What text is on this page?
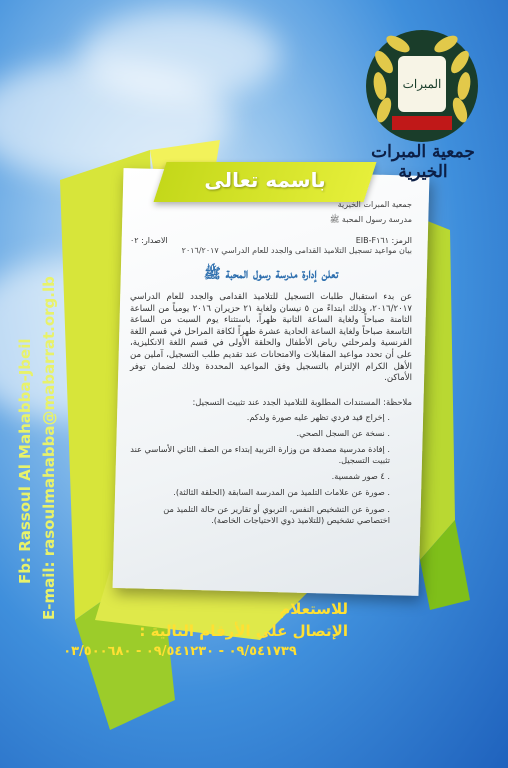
باسمه تعالى
المبرات
جمعية المبرات الخيرية
جمعية المبرات الخيرية
مدرسة رسول المحبة ﷺ
الرمز: EIB-F١٦١
الاصدار: ٠٢
بيان مواعيد تسجيل التلاميذ القدامى والجدد للعام الدراسي ٢٠١٦/٢٠١٧
تعلن إدارة مدرسة رسول المحبة ﷺ
عن بدء استقبال طلبات التسجيل للتلاميذ القدامى والجدد للعام الدراسي ٢٠١٦/٢٠١٧، وذلك ابتداءً من ٥ نيسان ولغاية ٢١ حزيران ٢٠١٦ يومياً من الساعة الثامنة صباحاً ولغاية الساعة الثانية ظهراً، باستثناء يوم السبت من الساعة التاسعة صباحاً ولغاية الساعة الحادية عشرة ظهراً لكافة المراحل في قسم اللغة الفرنسية ولمرحلتي رياض الأطفال والحلقة الأولى في قسم اللغة الانكليزية، على أن تحدد مواعيد المقابلات والامتحانات عند تقديم طلب التسجيل، آملين من الأهل الكرام الإلتزام بالتسجيل وفق المواعيد المحددة وذلك لضمان توفر الأماكن.
ملاحظة: المستندات المطلوبة للتلاميذ الجدد عند تثبيت التسجيل:
. إخراج قيد فردي تظهر عليه صورة ولدكم.
. نسخة عن السجل الصحي.
. إفادة مدرسية مصدقة من وزارة التربية إبتداء من الصف الثاني الأساسي عند تثبيت التسجيل.
. ٤ صور شمسية.
. صورة عن علامات التلميذ من المدرسة السابقة (الحلقة الثالثة).
. صورة عن التشخيص النفس، التربوي أو تقارير عن حالة التلميذ من اختصاصي تشخيص (للتلاميذ ذوي الاحتياجات الخاصة).
Fb: Rassoul Al Mahabba-Jbeil E-mail: rasoulmahabba@mabarrat.org.lb	للاستعلام
الإتصال على الأرقام التالية :
٠٩/٥٤١٧٣٩ - ٠٩/٥٤١٢٣٠ - ٠٣/٥٠٠٦٨٠
